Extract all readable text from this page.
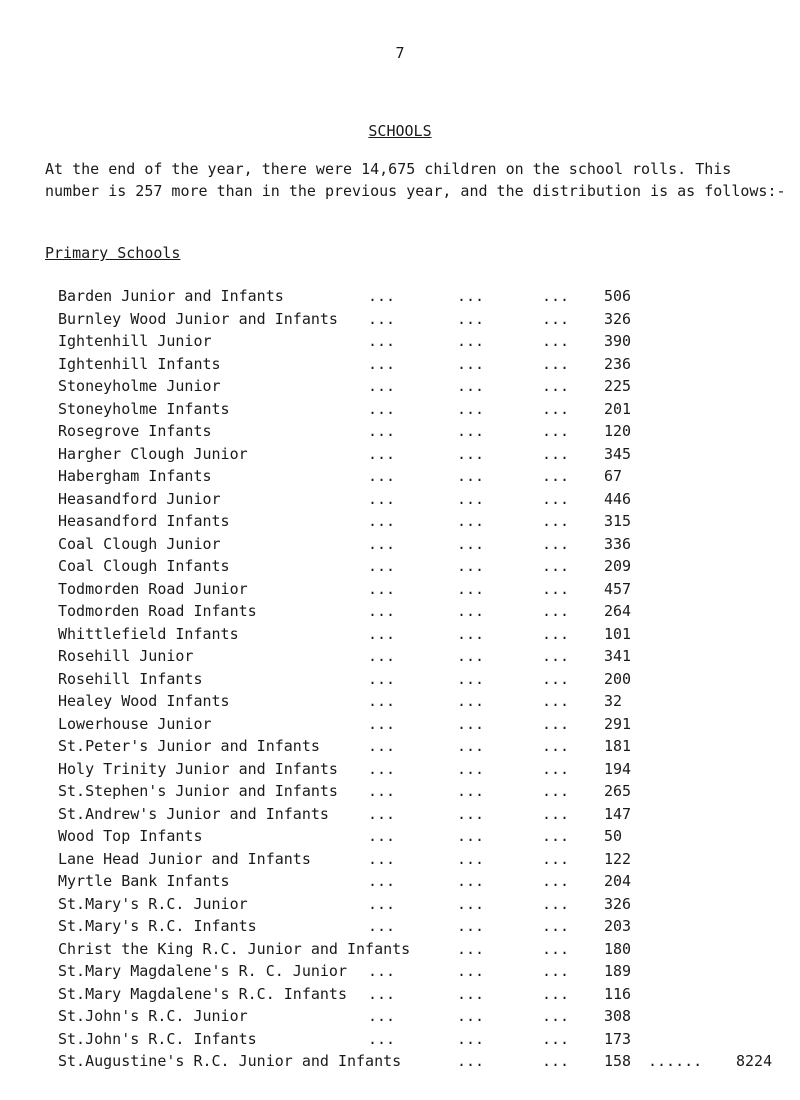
7
SCHOOLS
At the end of the year, there were 14,675 children on the school rolls. This number is 257 more than in the previous year, and the distribution is as follows:-
Primary Schools
Barden Junior and Infants	...	...	... 506
Burnley Wood Junior and Infants ...	...	... 326
Ightenhill Junior	...	...	... 390
Ightenhill Infants	...	...	... 236
Stoneyholme Junior	...	...	... 225
Stoneyholme Infants	...	...	... 201
Rosegrove Infants	...	...	... 120
Hargher Clough Junior	...	...	... 345
Habergham Infants	...	...	... 67
Heasandford Junior	...	...	... 446
Heasandford Infants	...	...	... 315
Coal Clough Junior	...	...	... 336
Coal Clough Infants	...	...	... 209
Todmorden Road Junior	...	...	... 457
Todmorden Road Infants	...	...	... 264
Whittlefield Infants	...	...	... 101
Rosehill Junior	...	...	... 341
Rosehill Infants	...	...	... 200
Healey Wood Infants	...	...	... 32
Lowerhouse Junior	...	...	... 291
St.Peter's Junior and Infants	...	...	... 181
Holy Trinity Junior and Infants ...	...	... 194
St.Stephen's Junior and Infants ...	...	... 265
St.Andrew's Junior and Infants	...	...	... 147
Wood Top Infants	...	...	... 50
Lane Head Junior and Infants	...	...	... 122
Myrtle Bank Infants	...	...	... 204
St.Mary's R.C. Junior	...	...	... 326
St.Mary's R.C. Infants	...	...	... 203
Christ the King R.C. Junior and Infants	...	... 180
St.Mary Magdalene's R. C. Junior ...	...	... 189
St.Mary Magdalene's R.C. Infants ...	...	... 116
St.John's R.C. Junior	...	...	... 308
St.John's R.C. Infants	...	...	... 173
St.Augustine's R.C. Junior and Infants	...	... 158	...... 8224
